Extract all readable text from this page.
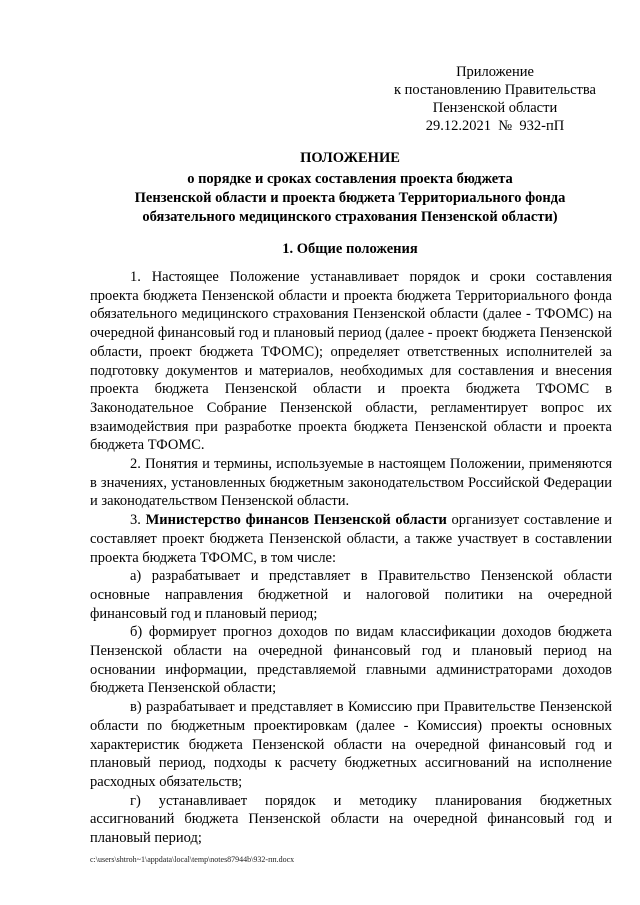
Приложение
к постановлению Правительства
Пензенской области
29.12.2021  №  932-пП
ПОЛОЖЕНИЕ
о порядке и сроках составления проекта бюджета
Пензенской области и проекта бюджета Территориального фонда
обязательного медицинского страхования Пензенской области)
1. Общие положения

1. Настоящее Положение устанавливает порядок и сроки составления проекта бюджета Пензенской области и проекта бюджета Территориального фонда обязательного медицинского страхования Пензенской области (далее - ТФОМС) на очередной финансовый год и плановый период (далее - проект бюджета Пензенской области, проект бюджета ТФОМС); определяет ответственных исполнителей за подготовку документов и материалов, необходимых для составления и внесения проекта бюджета Пензенской области и проекта бюджета ТФОМС в Законодательное Собрание Пензенской области, регламентирует вопрос их взаимодействия при разработке проекта бюджета Пензенской области и проекта бюджета ТФОМС.

2. Понятия и термины, используемые в настоящем Положении, применяются в значениях, установленных бюджетным законодательством Российской Федерации и законодательством Пензенской области.

3. Министерство финансов Пензенской области организует составление и составляет проект бюджета Пензенской области, а также участвует в составлении проекта бюджета ТФОМС, в том числе:

а) разрабатывает и представляет в Правительство Пензенской области основные направления бюджетной и налоговой политики на очередной финансовый год и плановый период;

б) формирует прогноз доходов по видам классификации доходов бюджета Пензенской области на очередной финансовый год и плановый период на основании информации, представляемой главными администраторами доходов бюджета Пензенской области;

в) разрабатывает и представляет в Комиссию при Правительстве Пензенской области по бюджетным проектировкам (далее - Комиссия) проекты основных характеристик бюджета Пензенской области на очередной финансовый год и плановый период, подходы к расчету бюджетных ассигнований на исполнение расходных обязательств;

г) устанавливает порядок и методику планирования бюджетных ассигнований бюджета Пензенской области на очередной финансовый год и плановый период;

c:\users\shtroh~1\appdata\local\temp\notes87944b\932-пп.docx
